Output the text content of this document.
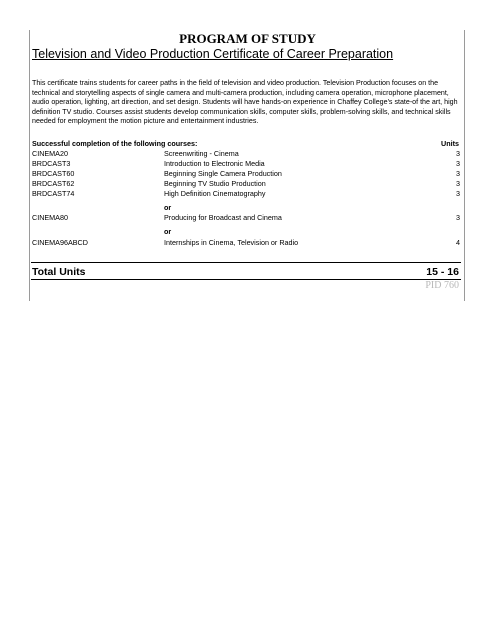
PROGRAM OF STUDY
Television and Video Production Certificate of Career Preparation
This certificate trains students for career paths in the field of television and video production. Television Production focuses on the technical and storytelling aspects of single camera and multi-camera production, including camera operation, microphone placement, audio operation, lighting, art direction, and set design. Students will have hands-on experience in Chaffey College's state-of the art, high definition TV studio. Courses assist students develop communication skills, computer skills, problem-solving skills, and technical skills needed for employment the motion picture and entertainment industries.
Successful completion of the following courses:	Units
CINEMA20	Screenwriting - Cinema	3
BRDCAST3	Introduction to Electronic Media	3
BRDCAST60	Beginning Single Camera Production	3
BRDCAST62	Beginning TV Studio Production	3
BRDCAST74	High Definition Cinematography	3
or
CINEMA80	Producing for Broadcast and Cinema	3
or
CINEMA96ABCD	Internships in Cinema, Television or Radio	4
Total Units	15 - 16
PID 760
